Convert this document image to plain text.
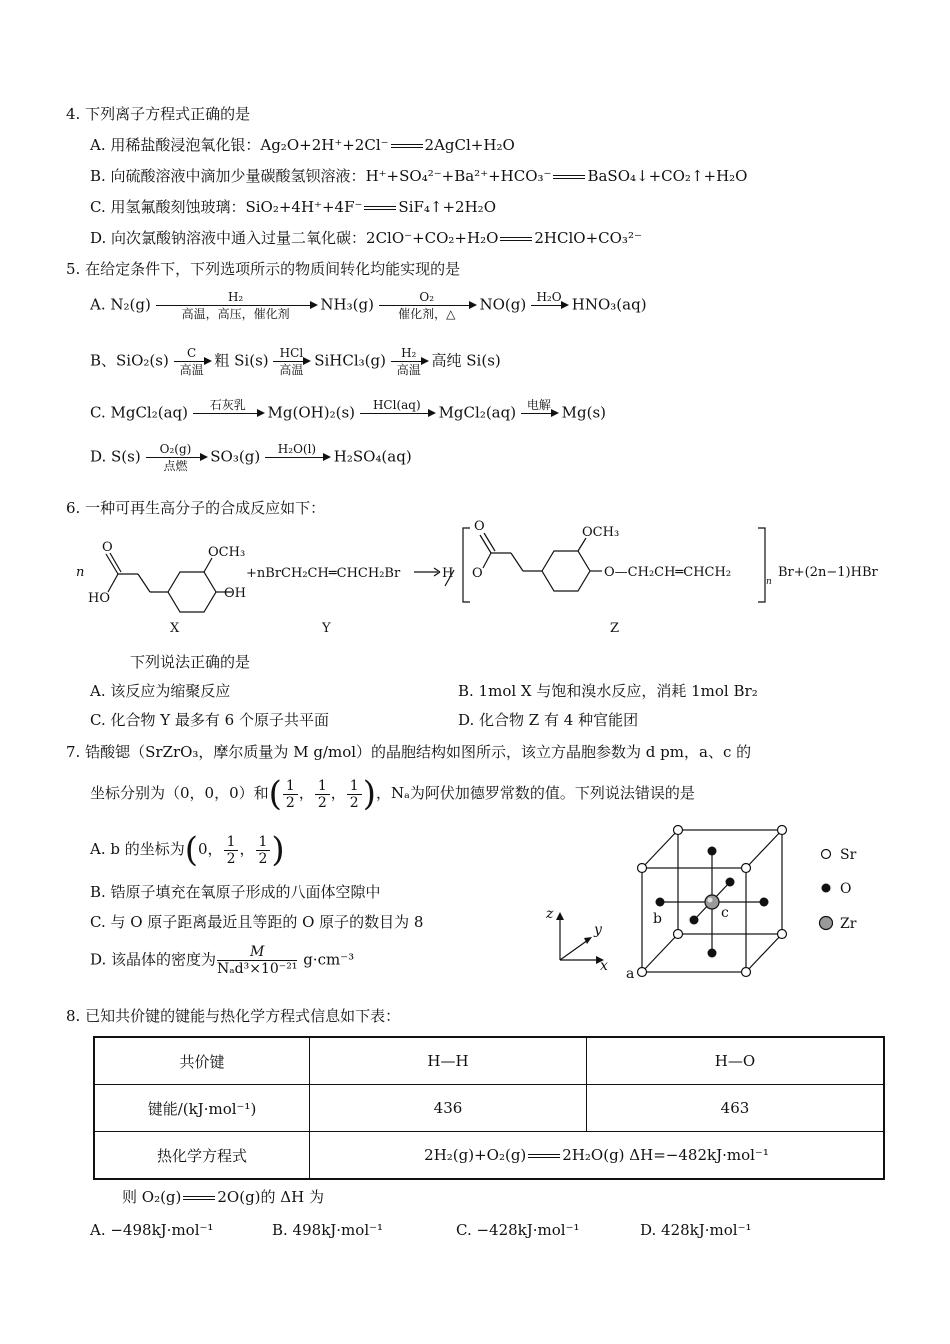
4. 下列离子方程式正确的是
A. 用稀盐酸浸泡氧化银：Ag₂O+2H⁺+2Cl⁻ 2AgCl+H₂O
B. 向硫酸溶液中滴加少量碳酸氢钡溶液：H⁺+SO₄²⁻+Ba²⁺+HCO₃⁻ BaSO₄↓+CO₂↑+H₂O
C. 用氢氟酸刻蚀玻璃：SiO₂+4H⁺+4F⁻ SiF₄↑+2H₂O
D. 向次氯酸钠溶液中通入过量二氧化碳：2ClO⁻+CO₂+H₂O 2HClO+CO₃²⁻
5. 在给定条件下，下列选项所示的物质间转化均能实现的是
A. N₂(g)	H₂
高温，高压，催化剂
NH₃(g)	O₂
催化剂，△
NO(g) H₂O
HNO₃(aq)
B、SiO₂(s)	C
高温
粗 Si(s) HCl
高温
SiHCl₃(g)	H₂
高温
高纯 Si(s)
C. MgCl₂(aq)	石灰乳
	Mg(OH)₂(s)	HCl(aq)
	MgCl₂(aq) 电解
Mg(s)
D. S(s)	O₂(g)
点燃
SO₃(g)	H₂O(l)
	H₂SO₄(aq)
6. 一种可再生高分子的合成反应如下：
n
O
HO
OCH₃
OH
+nBrCH₂CH═CHCH₂Br	H
O
O
OCH₃
O—CH₂CH═CHCH₂
n
Br+(2n−1)HBr
X	Y	Z
下列说法正确的是
A. 该反应为缩聚反应	B. 1mol X 与饱和溴水反应，消耗 1mol Br₂
C. 化合物 Y 最多有 6 个原子共平面	D. 化合物 Z 有 4 种官能团
7. 锆酸锶（SrZrO₃，摩尔质量为 M g/mol）的晶胞结构如图所示，该立方晶胞参数为 d pm，a、c 的
坐标分别为（0，0，0）和( $\frac{1}{2}$ ， $\frac{1}{2}$ ， $\frac{1}{2}$ )，Nₐ为阿伏加德罗常数的值。下列说法错误的是
A. b 的坐标为(0， $\frac{1}{2}$ ， $\frac{1}{2}$ )
B. 锆原子填充在氧原子形成的八面体空隙中
C. 与 O 原子距离最近且等距的 O 原子的数目为 8
D. 该晶体的密度为 $\frac{M}{\text{Nₐd³×10⁻²¹}} g\cdot cm^{-3}$
Sr
O
Zr
a
b	c
x
y
z
8. 已知共价键的键能与热化学方程式信息如下表：
共价键	H—H	H—O
键能/(kJ·mol⁻¹)	436	463
热化学方程式	2H₂(g)+O₂(g) 2H₂O(g) ΔH=−482kJ·mol⁻¹	
则 O₂(g) 2O(g)的 ΔH 为
A. −498kJ·mol⁻¹	B. 498kJ·mol⁻¹	C. −428kJ·mol⁻¹	D. 428kJ·mol⁻¹
